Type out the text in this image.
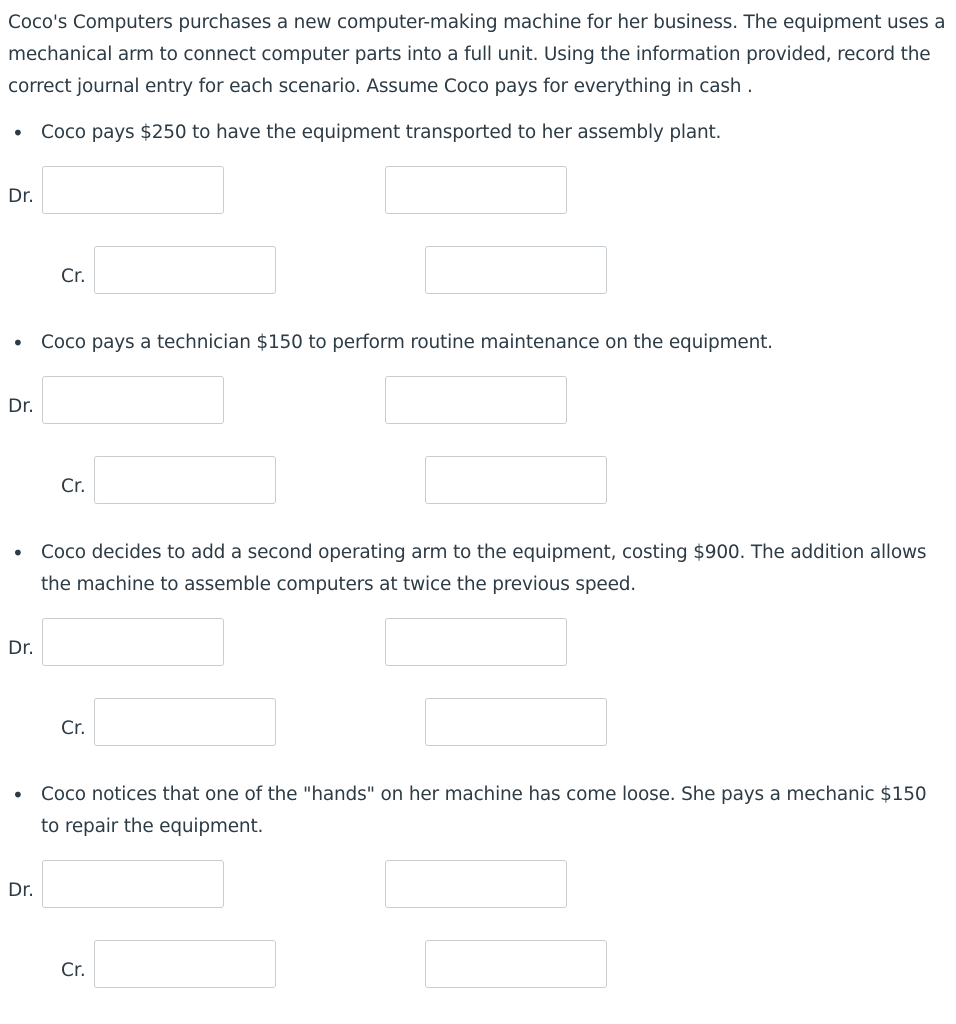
Coco's Computers purchases a new computer-making machine for her business. The equipment uses a mechanical arm to connect computer parts into a full unit. Using the information provided, record the correct journal entry for each scenario. Assume Coco pays for everything in cash .

• Coco pays $250 to have the equipment transported to her assembly plant.
Dr.
Cr.
• Coco pays a technician $150 to perform routine maintenance on the equipment.
Dr.
Cr.
• Coco decides to add a second operating arm to the equipment, costing $900. The addition allows the machine to assemble computers at twice the previous speed.
Dr.
Cr.
• Coco notices that one of the "hands" on her machine has come loose. She pays a mechanic $150 to repair the equipment.
Dr.
Cr.
